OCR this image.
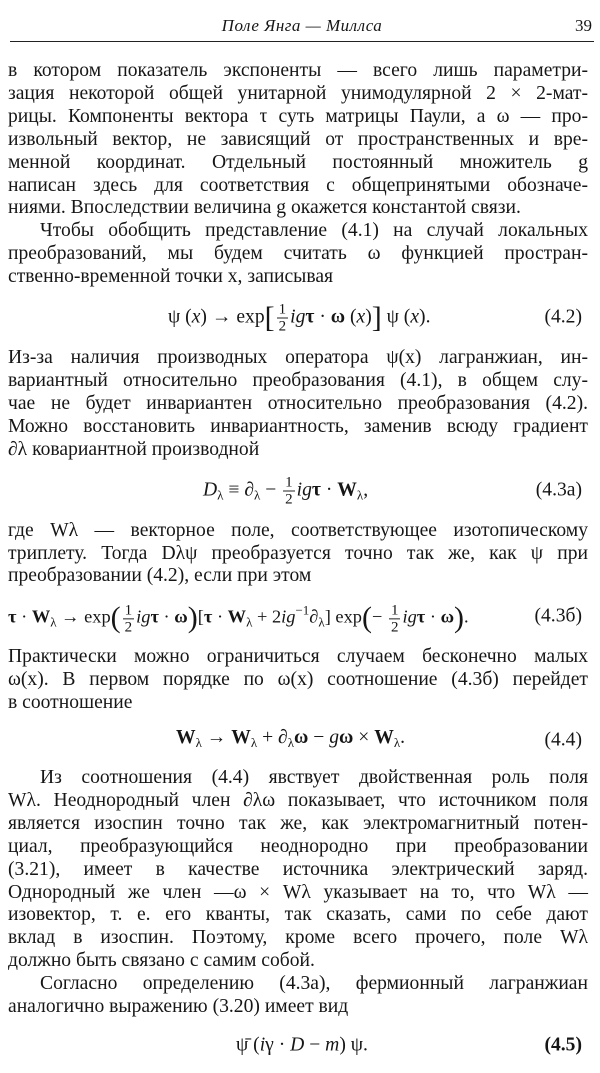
Поле Янга — Миллса	39

в котором показатель экспоненты — всего лишь параметри-
зация некоторой общей унитарной унимодулярной 2 × 2-мат-
рицы. Компоненты вектора τ суть матрицы Паули, а ω — про-
извольный вектор, не зависящий от пространственных и вре-
менной координат. Отдельный постоянный множитель g
написан здесь для соответствия с общепринятыми обозначе-
ниями. Впоследствии величина g окажется константой связи.

Чтобы обобщить представление (4.1) на случай локальных
преобразований, мы будем считать ω функцией простран-
ственно-временной точки x, записывая

ψ $(x) \to \exp[ \frac{1}{2}$ igτ · ω (x)] ψ (x).	(4.2)

Из-за наличия производных оператора ψ(x) лагранжиан, ин-
вариантный относительно преобразования (4.1), в общем слу-
чае не будет инвариантен относительно преобразования (4.2).
Можно восстановить инвариантность, заменив всюду градиент
∂λ ковариантной производной

$D_\lambda \equiv \partial_\lambda - \frac{1}{2}$ $ig\tau \cdot W_\lambda$,	(4.3а)

где Wλ — векторное поле, соответствующее изотопическому
триплету. Тогда Dλψ преобразуется точно так же, как ψ при
преобразовании (4.2), если при этом

$\tau \cdot W_\lambda \to \exp( \frac{1}{2}$ $ig\tau \cdot \omega)[\tau \cdot W_\lambda + 2ig^{-1}\partial_\lambda]$ $\exp(- \frac{1}{2}$ igτ · ω).	(4.3б)

Практически можно ограничиться случаем бесконечно малых
ω(x). В первом порядке по ω(x) соотношение (4.3б) перейдет
в соотношение

$W_\lambda \to W_\lambda + \partial_\lambda\omega - g\omega \times W_\lambda$.	(4.4)

Из соотношения (4.4) явствует двойственная роль поля
Wλ. Неоднородный член ∂λω показывает, что источником поля
является изоспин точно так же, как электромагнитный потен-
циал, преобразующийся неоднородно при преобразовании
(3.21), имеет в качестве источника электрический заряд.
Однородный же член —ω × Wλ указывает на то, что Wλ —
изовектор, т. е. его кванты, так сказать, сами по себе дают
вклад в изоспин. Поэтому, кроме всего прочего, поле Wλ
должно быть связано с самим собой.

Согласно определению (4.3а), фермионный лагранжиан
аналогично выражению (3.20) имеет вид

ψ̄ (iγ · D − m) ψ.	(4.5)
